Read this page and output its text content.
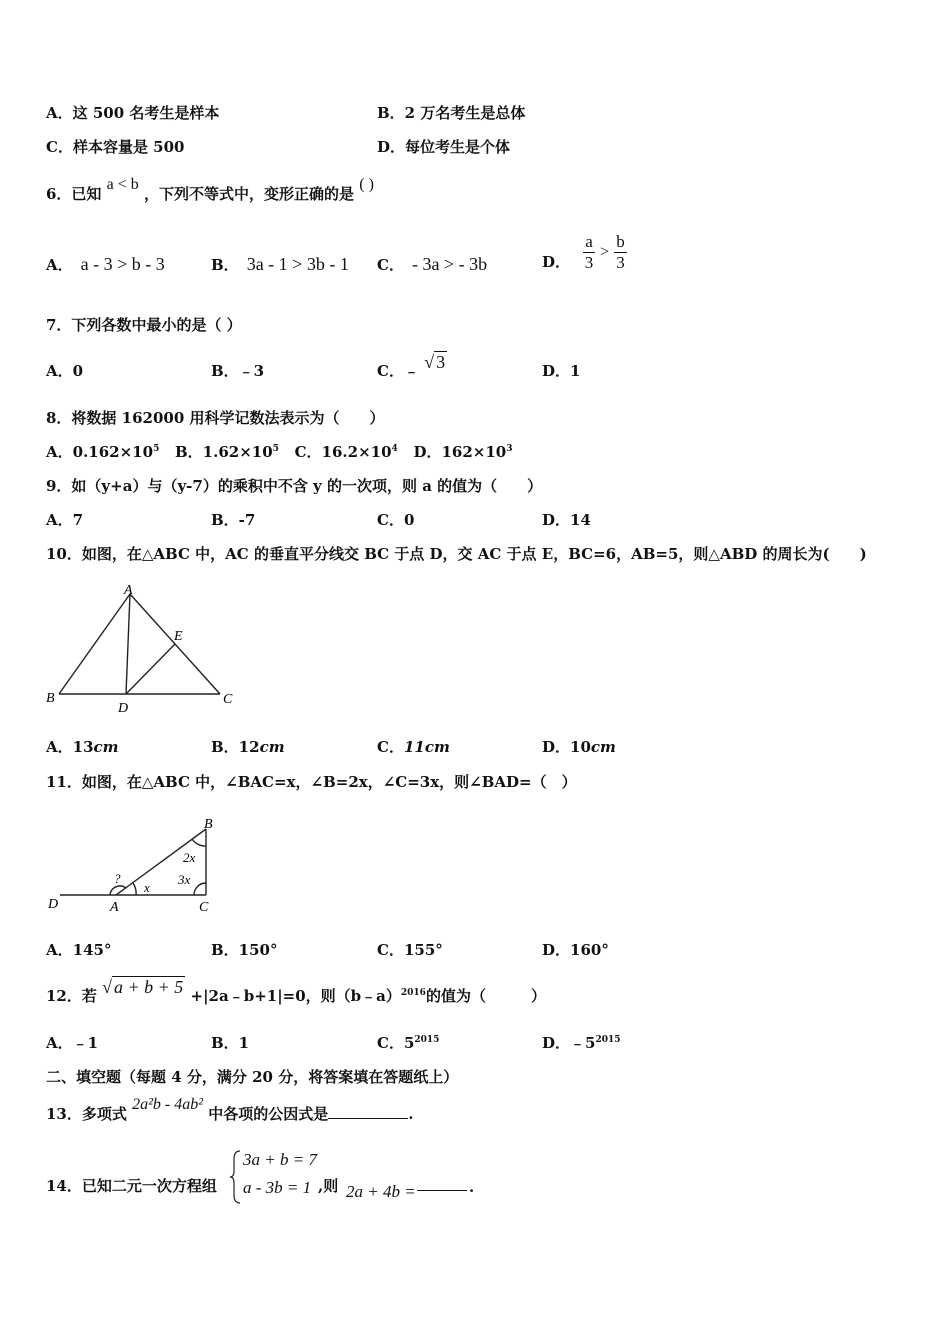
A．这 500 名考生是样本	B．2 万名考生是总体
C．样本容量是 500	D．每位考生是个体
6．已知 a < b ，下列不等式中，变形正确的是 ( )
A． a - 3 > b - 3	B． 3a - 1 > 3b - 1 C． - 3a > - 3b	D． $\frac{a}{3} > \frac{b}{3}$
7．下列各数中最小的是（ ）
A．0	B．﹣3	C．﹣ √ 3	D．1
8．将数据 162000 用科学记数法表示为（　　）
A．$0.162\times 10^5$ B．$1.62\times 10^5$ C．$16.2\times 10^4$ D．$162\times 10^3$
9．如（y+a）与（y-7）的乘积中不含 y 的一次项，则 a 的值为（　　）
A．7	B．-7	C．0	D．14
10．如图，在△ABC 中，AC 的垂直平分线交 BC 于点 D，交 AC 于点 E，BC=6，AB=5，则△ABD 的周长为(　　)
A
B	C
D
E
A．13cm	B．12cm	C．11cm	D．10cm
11．如图，在△ABC 中，∠BAC=x，∠B=2x，∠C=3x，则∠BAD=（　）
D	A
B
C
?
x
2x
3x
A．145°	B．150°	C．155°	D．160°
12．若 √ a + b + 5 +|2a﹣b+1|=0，则（b﹣a）$^{2016}$的值为（　　　）
A．﹣1	B．1	C．$5^{2015}$	D．$﹣5^{2015}$
二、填空题（每题 4 分，满分 20 分，将答案填在答题纸上）
13．多项式 2a²b - 4ab² 中各项的公因式是	.
14．已知二元一次方程组
3a + b = 7
a - 3b = 1 ,则 2a + 4b =	.
